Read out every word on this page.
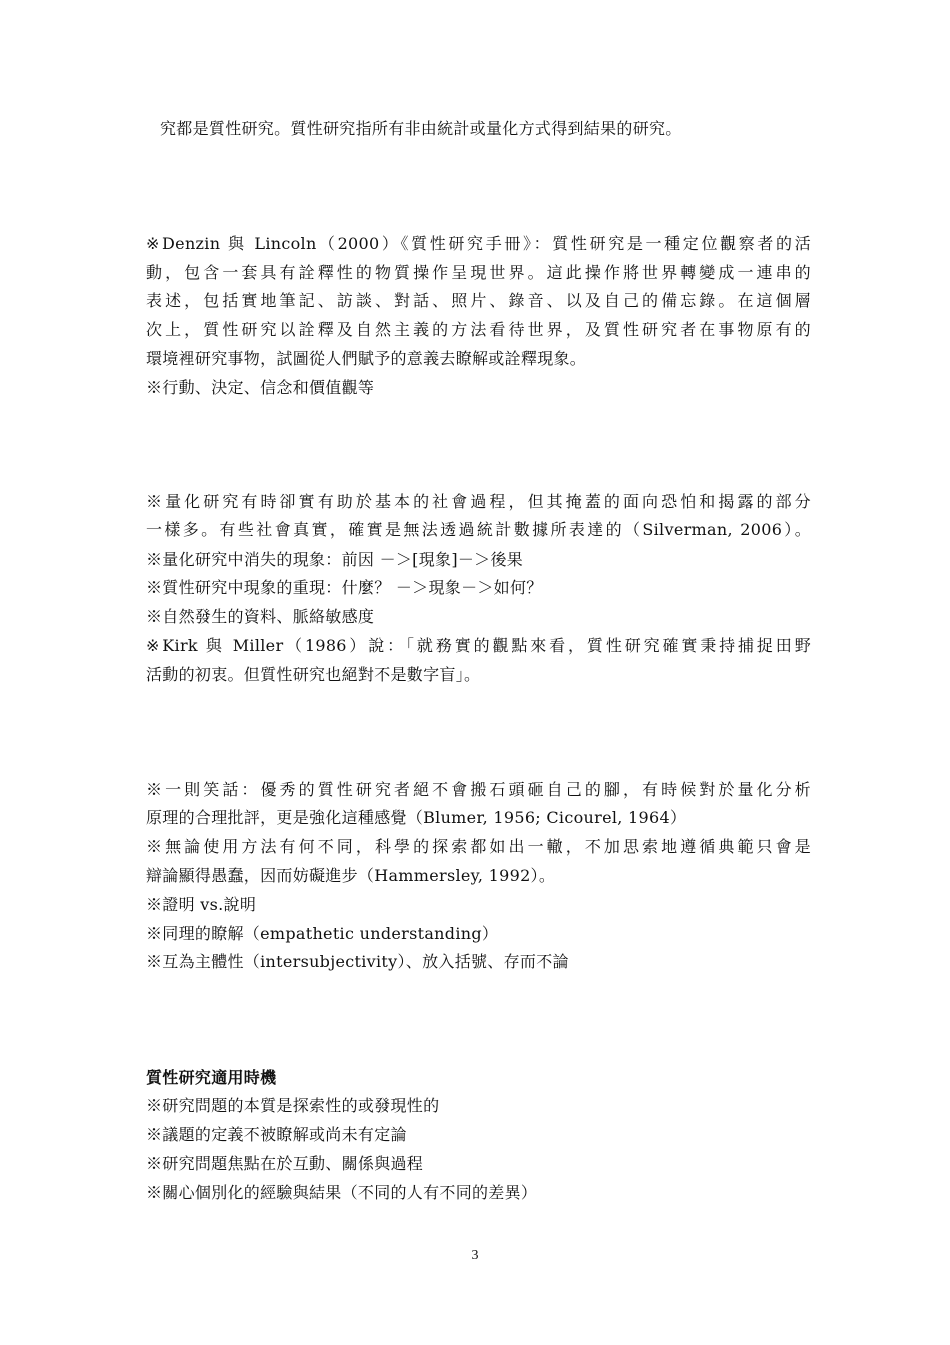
究都是質性研究。質性研究指所有非由統計或量化方式得到結果的研究。
※Denzin 與 Lincoln（2000）《質性研究手冊》：質性研究是一種定位觀察者的活
動，包含一套具有詮釋性的物質操作呈現世界。這此操作將世界轉變成一連串的
表述，包括實地筆記、訪談、對話、照片、錄音、以及自己的備忘錄。在這個層
次上，質性研究以詮釋及自然主義的方法看待世界，及質性研究者在事物原有的
環境裡研究事物，試圖從人們賦予的意義去瞭解或詮釋現象。
※行動、決定、信念和價值觀等
※量化研究有時卻實有助於基本的社會過程，但其掩蓋的面向恐怕和揭露的部分
一樣多。有些社會真實，確實是無法透過統計數據所表達的（Silverman, 2006）。
※量化研究中消失的現象：前因 －＞[現象]－＞後果
※質性研究中現象的重現：什麼？ －＞現象－＞如何？
※自然發生的資料、脈絡敏感度
※Kirk 與 Miller（1986）說：「就務實的觀點來看，質性研究確實秉持捕捉田野
活動的初衷。但質性研究也絕對不是數字盲」。
※一則笑話：優秀的質性研究者絕不會搬石頭砸自己的腳，有時候對於量化分析
原理的合理批評，更是強化這種感覺（Blumer, 1956; Cicourel, 1964）
※無論使用方法有何不同，科學的探索都如出一轍，不加思索地遵循典範只會是
辯論顯得愚蠢，因而妨礙進步（Hammersley, 1992）。
※證明 vs.說明
※同理的瞭解（empathetic understanding）
※互為主體性（intersubjectivity）、放入括號、存而不論
質性研究適用時機
※研究問題的本質是探索性的或發現性的
※議題的定義不被瞭解或尚未有定論
※研究問題焦點在於互動、關係與過程
※關心個別化的經驗與結果（不同的人有不同的差異）
3
